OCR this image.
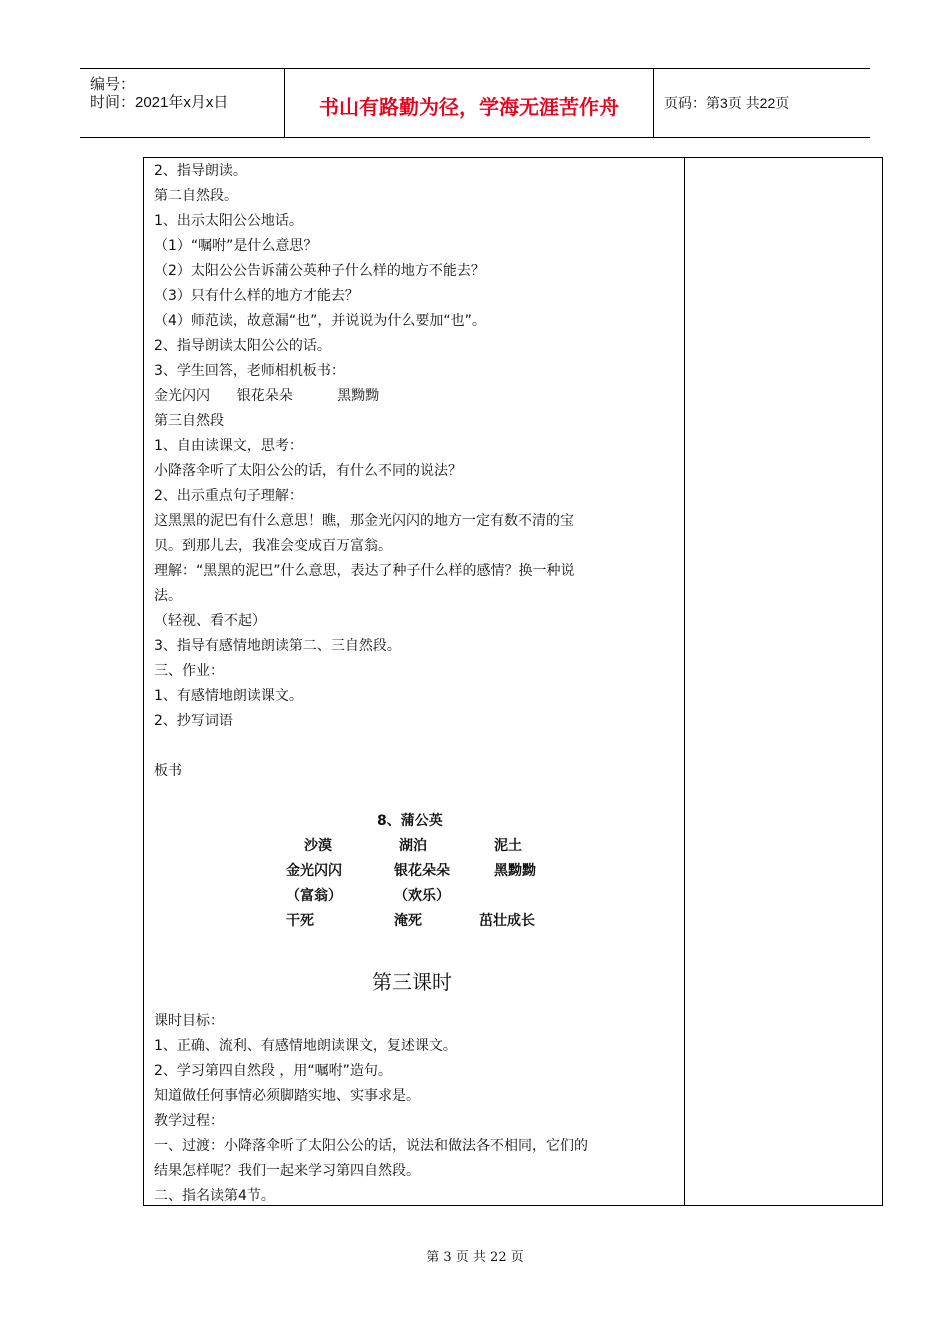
编号：
时间：2021年x月x日	书山有路勤为径，学海无涯苦作舟	页码：第3页 共22页
2、指导朗读。
第二自然段。
1、出示太阳公公地话。
（1）“嘱咐”是什么意思？
（2）太阳公公告诉蒲公英种子什么样的地方不能去？
（3）只有什么样的地方才能去？
（4）师范读，故意漏“也”，并说说为什么要加“也”。
2、指导朗读太阳公公的话。
3、学生回答，老师相机板书：
金光闪闪      银花朵朵          黑黝黝
第三自然段
1、自由读课文，思考：
小降落伞听了太阳公公的话，有什么不同的说法？
2、出示重点句子理解：
这黑黑的泥巴有什么意思！瞧，那金光闪闪的地方一定有数不清的宝
贝。到那儿去，我准会变成百万富翁。
理解：“黑黑的泥巴”什么意思，表达了种子什么样的感情？换一种说
法。
（轻视、看不起）
3、指导有感情地朗读第二、三自然段。
三、作业：
1、有感情地朗读课文。
2、抄写词语
板书
8、蒲公英
沙漠	湖泊	泥土
金光闪闪	银花朵朵	黑黝黝
（富翁）	（欢乐）
干死	淹死	茁壮成长
第三课时
课时目标：
1、正确、流利、有感情地朗读课文，复述课文。
2、学习第四自然段 ，用“嘱咐”造句。
知道做任何事情必须脚踏实地、实事求是。
教学过程：
一、过渡：小降落伞听了太阳公公的话，说法和做法各不相同，它们的
结果怎样呢？我们一起来学习第四自然段。
二、指名读第4节。
第 3 页 共 22 页
